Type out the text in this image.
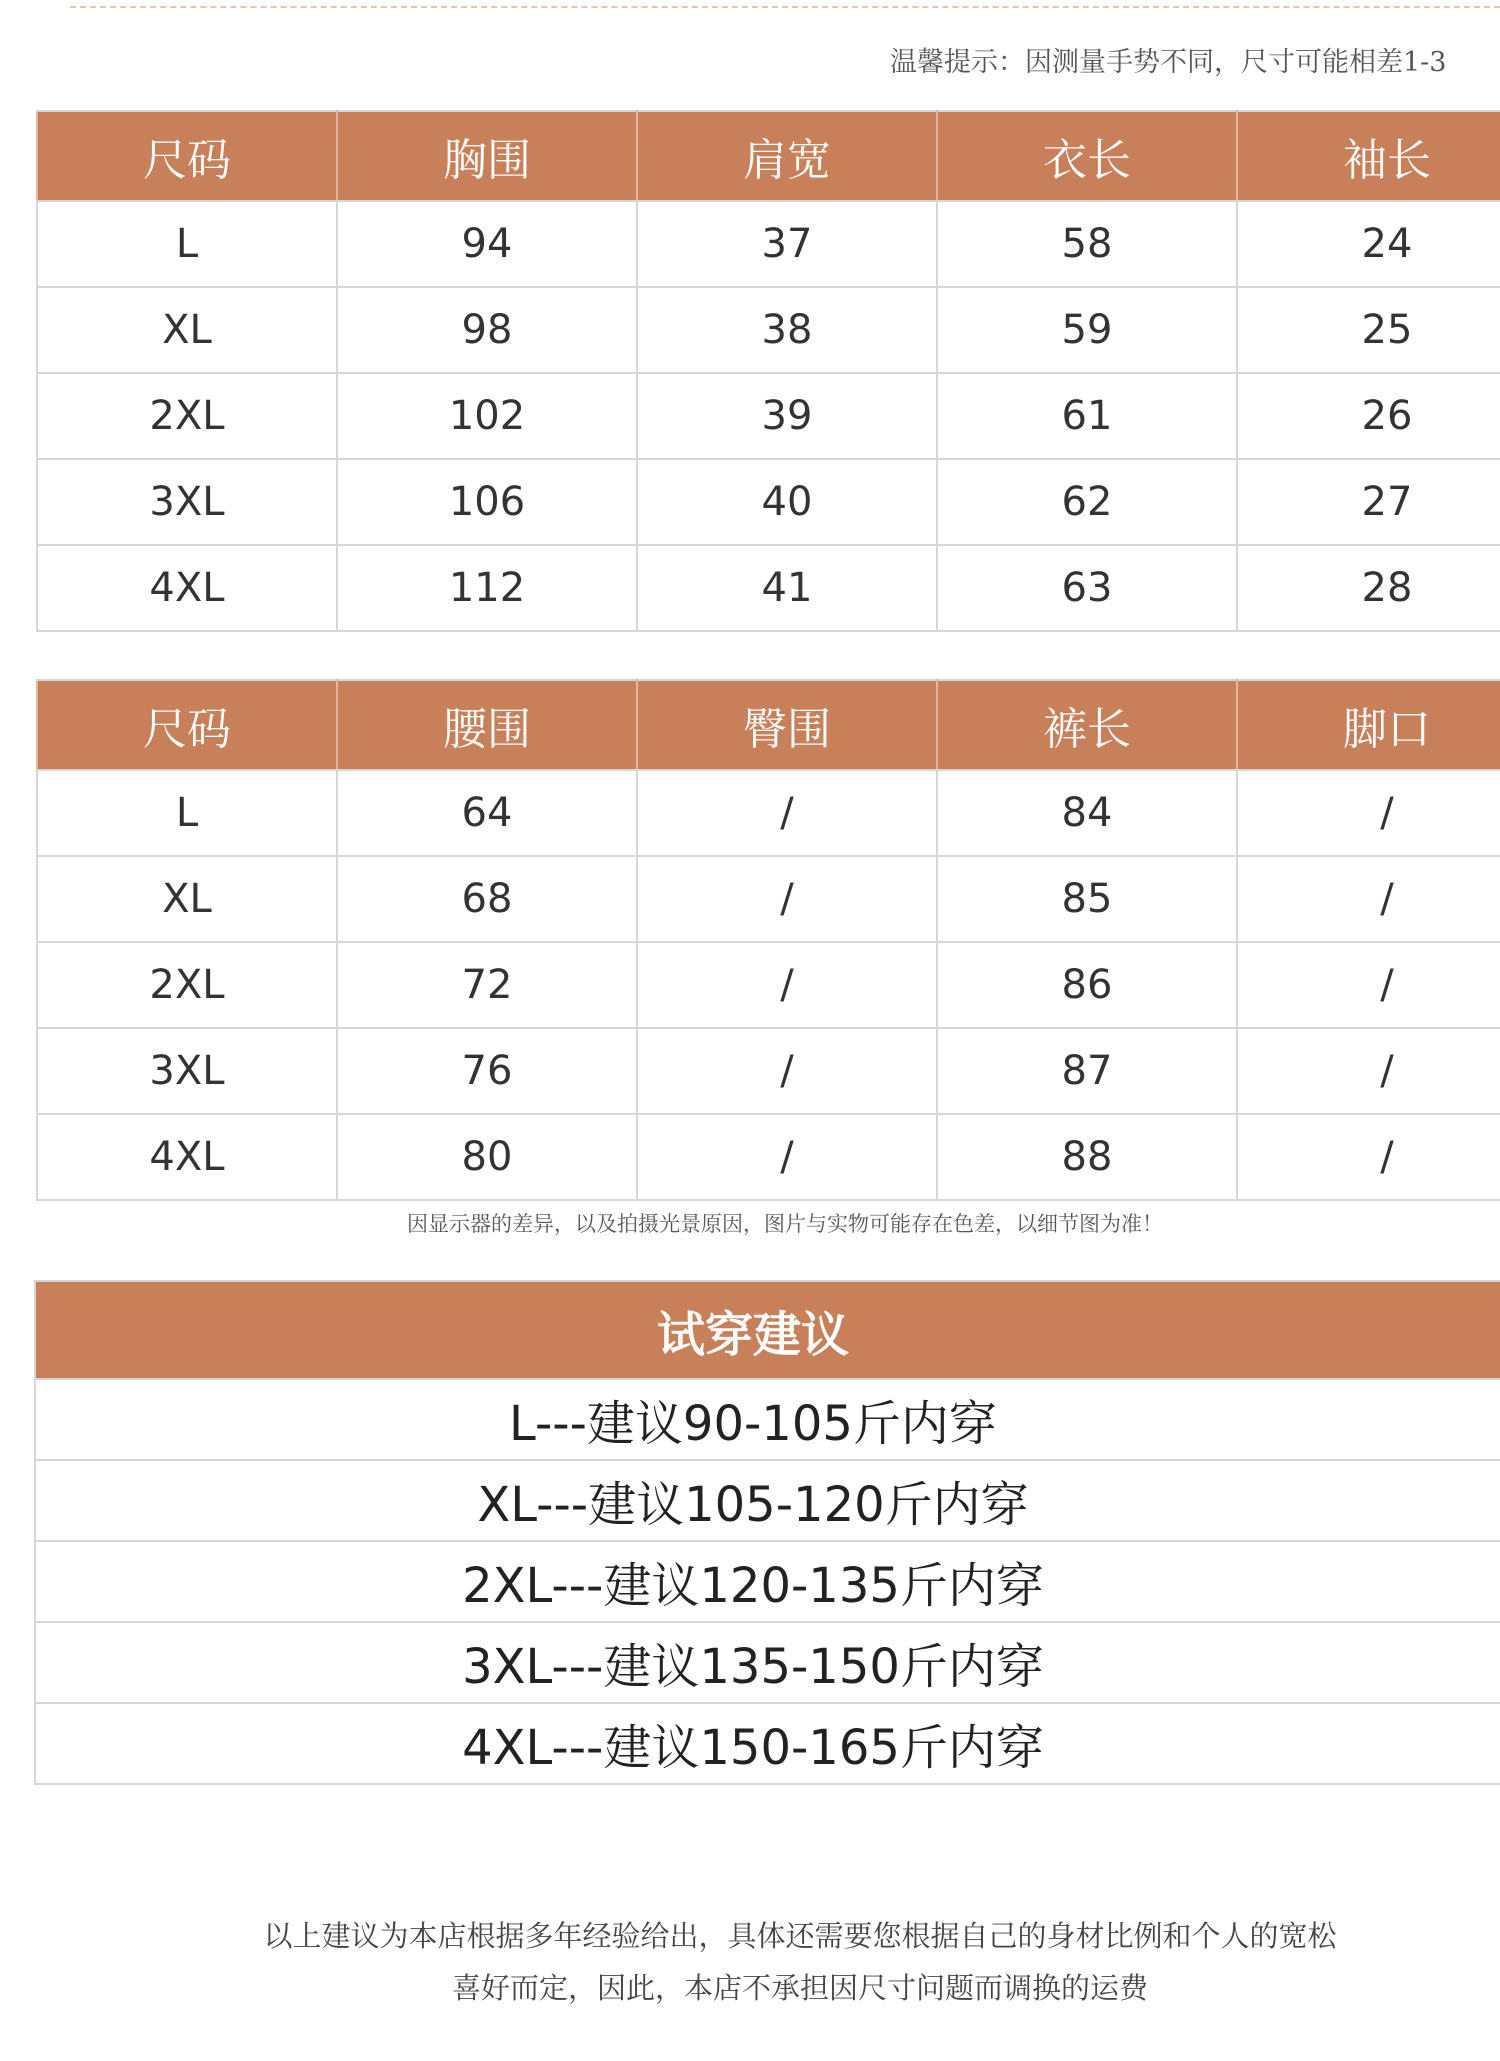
温馨提示：因测量手势不同，尺寸可能相差1-3
尺码	胸围	肩宽	衣长	袖长
L	94	37	58	24
XL	98	38	59	25
2XL	102	39	61	26
3XL	106	40	62	27
4XL	112	41	63	28
尺码	腰围	臀围	裤长	脚口
L	64	/	84	/
XL	68	/	85	/
2XL	72	/	86	/
3XL	76	/	87	/
4XL	80	/	88	/
因显示器的差异，以及拍摄光景原因，图片与实物可能存在色差，以细节图为准！
试穿建议
L---建议90-105斤内穿
XL---建议105-120斤内穿
2XL---建议120-135斤内穿
3XL---建议135-150斤内穿
4XL---建议150-165斤内穿
以上建议为本店根据多年经验给出，具体还需要您根据自己的身材比例和个人的宽松
喜好而定，因此，本店不承担因尺寸问题而调换的运费
